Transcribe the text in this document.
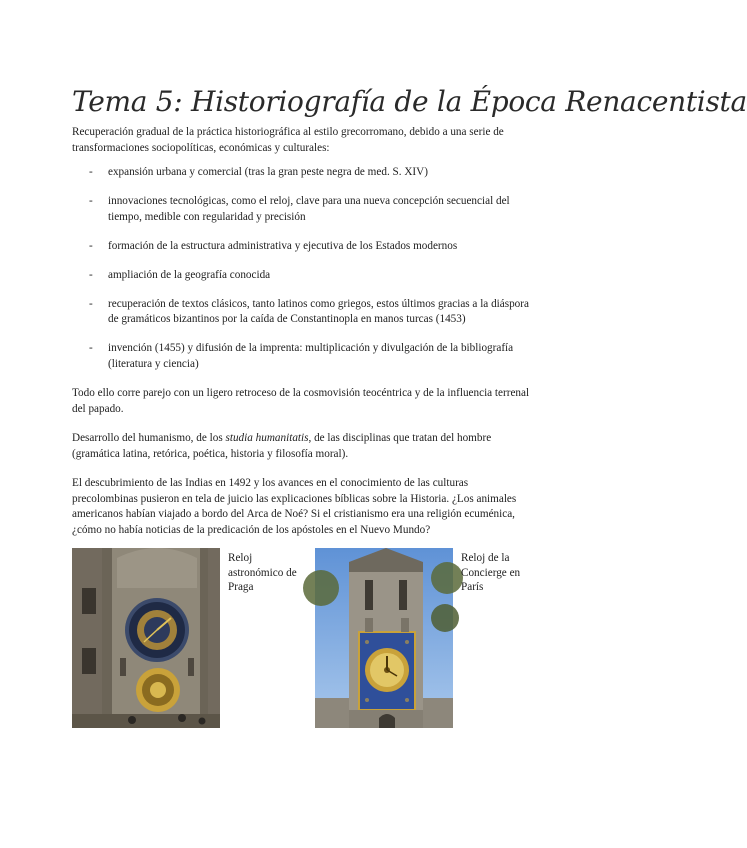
Tema 5: Historiografía de la Época Renacentista

Recuperación gradual de la práctica historiográfica al estilo grecorromano, debido a una serie de transformaciones sociopolíticas, económicas y culturales:

- expansión urbana y comercial (tras la gran peste negra de med. S. XIV)
- innovaciones tecnológicas, como el reloj, clave para una nueva concepción secuencial del tiempo, medible con regularidad y precisión
- formación de la estructura administrativa y ejecutiva de los Estados modernos
- ampliación de la geografía conocida
- recuperación de textos clásicos, tanto latinos como griegos, estos últimos gracias a la diáspora de gramáticos bizantinos por la caída de Constantinopla en manos turcas (1453)
- invención (1455) y difusión de la imprenta: multiplicación y divulgación de la bibliografía (literatura y ciencia)

Todo ello corre parejo con un ligero retroceso de la cosmovisión teocéntrica y de la influencia terrenal del papado.

Desarrollo del humanismo, de los studia humanitatis, de las disciplinas que tratan del hombre (gramática latina, retórica, poética, historia y filosofía moral).

El descubrimiento de las Indias en 1492 y los avances en el conocimiento de las culturas precolombinas pusieron en tela de juicio las explicaciones bíblicas sobre la Historia. ¿Los animales americanos habían viajado a bordo del Arca de Noé? Si el cristianismo era una religión ecuménica, ¿cómo no había noticias de la predicación de los apóstoles en el Nuevo Mundo?

Reloj astronómico de Praga
Reloj de la Concierge en París
